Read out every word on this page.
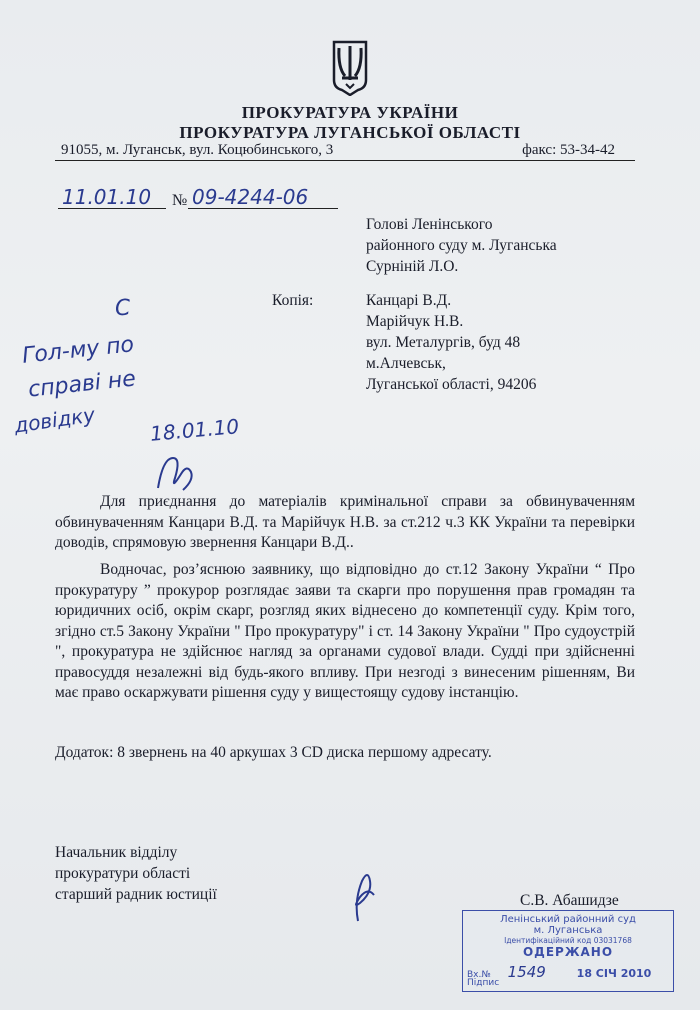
ПРОКУРАТУРА УКРАЇНИ
ПРОКУРАТУРА ЛУГАНСЬКОЇ ОБЛАСТІ
91055, м. Луганськ, вул. Коцюбинського, 3	факс: 53-34-42
11.01.10 № 09-4244-06
Голові Ленінського
районного суду м. Луганська
Сурнінiй Л.О.
Копія:	Канцарі В.Д.
Марійчук Н.В.
вул. Металургів, буд 48
м.Алчевськ,
Луганської області, 94206
С
Гол-му по
справі не
довідку	18.01.10
Для приєднання до матеріалів кримінальної справи за обвинуваченням обвинуваченням Канцари В.Д. та Марійчук Н.В. за ст.212 ч.3 КК України та перевірки доводів, спрямовую звернення Канцари В.Д..
Водночас, роз’яснюю заявнику, що відповідно до ст.12 Закону України “ Про прокуратуру ” прокурор розглядає заяви та скарги про порушення прав громадян та юридичних осіб, окрім скарг, розгляд яких віднесено до компетенції суду. Крім того, згідно ст.5 Закону України " Про прокуратуру" і ст. 14 Закону України " Про судоустрій ", прокуратура не здійснює нагляд за органами судової влади. Судді при здійсненні правосуддя незалежні від будь-якого впливу. При незгоді з винесеним рішенням, Ви має право оскаржувати рішення суду у вищестоящу судову інстанцію.
Додаток: 8 звернень на 40 аркушах 3 CD диска першому адресату.
Начальник відділу
прокуратури області
старший радник юстиції	С.В. Абашидзе
Ленінський районний суд
м. Луганська
Ідентифікаційний код 03031768
ОДЕРЖАНО
Вх.№ 1549	18 СІЧ 2010
Підпис
